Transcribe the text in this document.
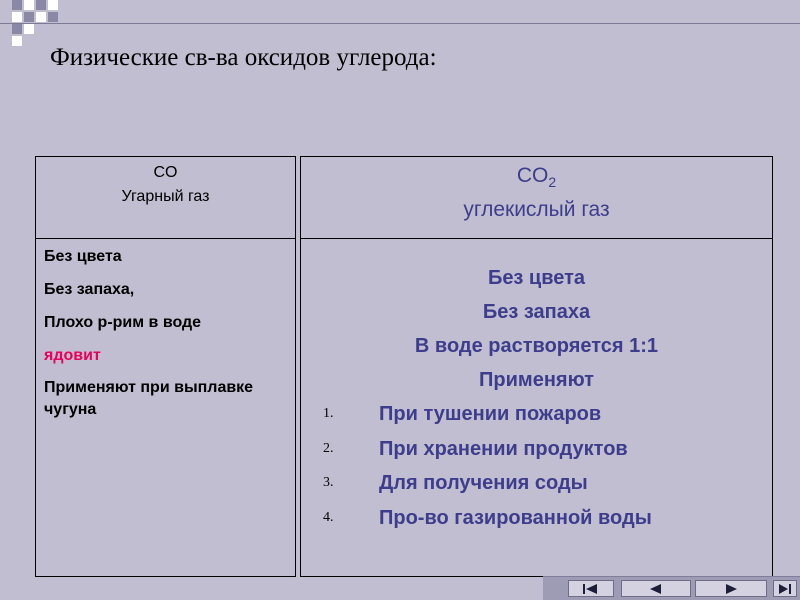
Физические св-ва оксидов углерода:
CO
Угарный газ
Без цвета
Без запаха,
Плохо р-рим в воде
ядовит
Применяют при выплавке чугуна
$CO_2$
углекислый газ
Без цвета
Без запаха
В воде растворяется 1:1
Применяют
1. При тушении пожаров
2. При хранении продуктов
3. Для получения соды
4. Про-во газированной воды
